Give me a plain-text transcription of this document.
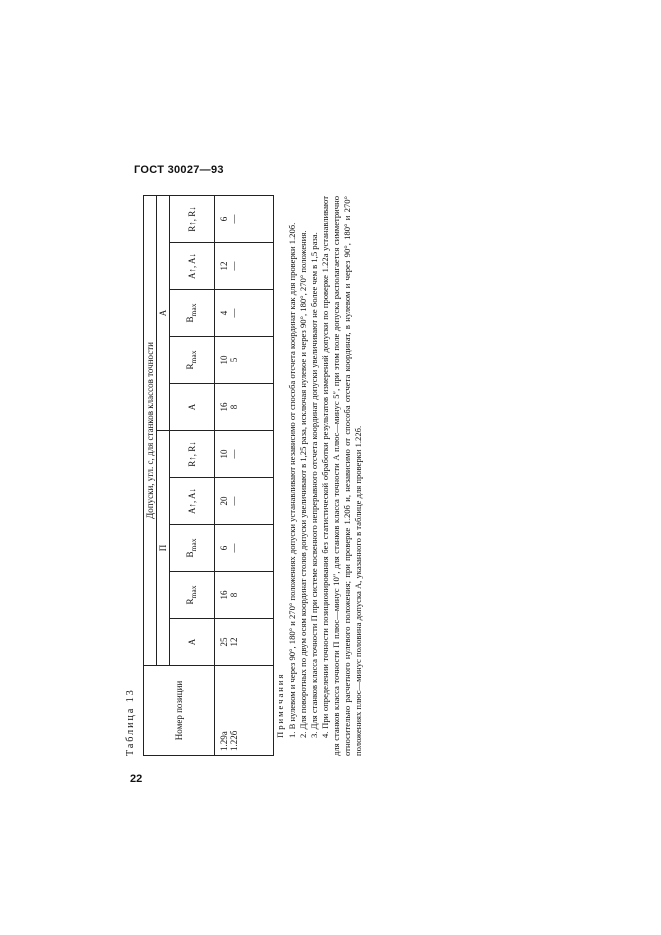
ГОСТ 30027—93
Таблица 13	Номер позиции	Допуски, угл. с, для станков классов точности									
	П					А				
	A	$R_{max}$	$B_{max}$	A↑, A↓	R↑, R↓	A	$R_{max}$	$B_{max}$	A↑, A↓	R↑, R↓

1.29а 1.22б	25 12	16 8	6 —	20 —	10 —	16 8	10 5	4 —	12 —	6 —

Примечания 1. В нулевом и через 90°, 180° и 270° положениях допуски устанавливают независимо от способа отсчета координат как для проверки 1.20б. 2. Для поворотных по двум осям координат столов допуски увеличивают в 1,25 раза, исключая нулевое и через 90°, 180°, 270° положения. 3. Для станков класса точности П при системе косвенного непрерывного отсчета координат допуски увеличивают не более чем в 1,5 раза. 4. При определении точности позиционирования без статистической обработки результатов измерений допуски по проверке 1.22а устанавливают для станков класса точности П плюс—минус 10″, для станков класса точности А плюс—минус 5″, при этом поле допуска располагается симметрично относительно расчетного нулевого положения; при проверке 1.20б и, независимо от способа отсчета координат, в нулевом и через 90°, 180° и 270° положениях плюс—минус половина допуска А, указанного в таблице для проверки 1.22б.

22
